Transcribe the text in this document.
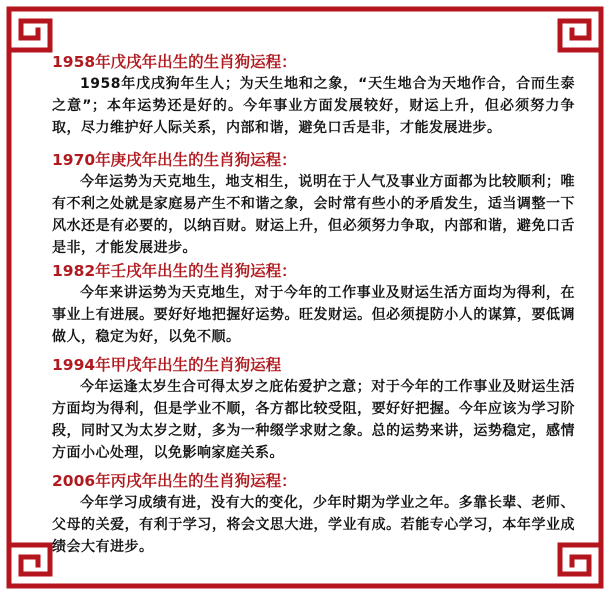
1958年戊戌年出生的生肖狗运程：

1958年戊戌狗年生人；为天生地和之象，“天生地合为天地作合，合而生泰之意”；本年运势还是好的。今年事业方面发展较好，财运上升，但必须努力争取，尽力维护好人际关系，内部和谐，避免口舌是非，才能发展进步。

1970年庚戌年出生的生肖狗运程：

今年运势为天克地生，地支相生，说明在于人气及事业方面都为比较顺利；唯有不利之处就是家庭易产生不和谐之象，会时常有些小的矛盾发生，适当调整一下风水还是有必要的，以纳百财。财运上升，但必须努力争取，内部和谐，避免口舌是非，才能发展进步。

1982年壬戌年出生的生肖狗运程：

今年来讲运势为天克地生，对于今年的工作事业及财运生活方面均为得利，在事业上有进展。要好好地把握好运势。旺发财运。但必须提防小人的谋算，要低调做人，稳定为好，以免不顺。

1994年甲戌年出生的生肖狗运程

今年运逢太岁生合可得太岁之庇佑爱护之意；对于今年的工作事业及财运生活方面均为得利，但是学业不顺，各方都比较受阻，要好好把握。今年应该为学习阶段，同时又为太岁之财，多为一种缀学求财之象。总的运势来讲，运势稳定，感情方面小心处理，以免影响家庭关系。

2006年丙戌年出生的生肖狗运程：

今年学习成绩有进，没有大的变化，少年时期为学业之年。多靠长辈、老师、父母的关爱，有利于学习，将会文思大进，学业有成。若能专心学习，本年学业成绩会大有进步。
